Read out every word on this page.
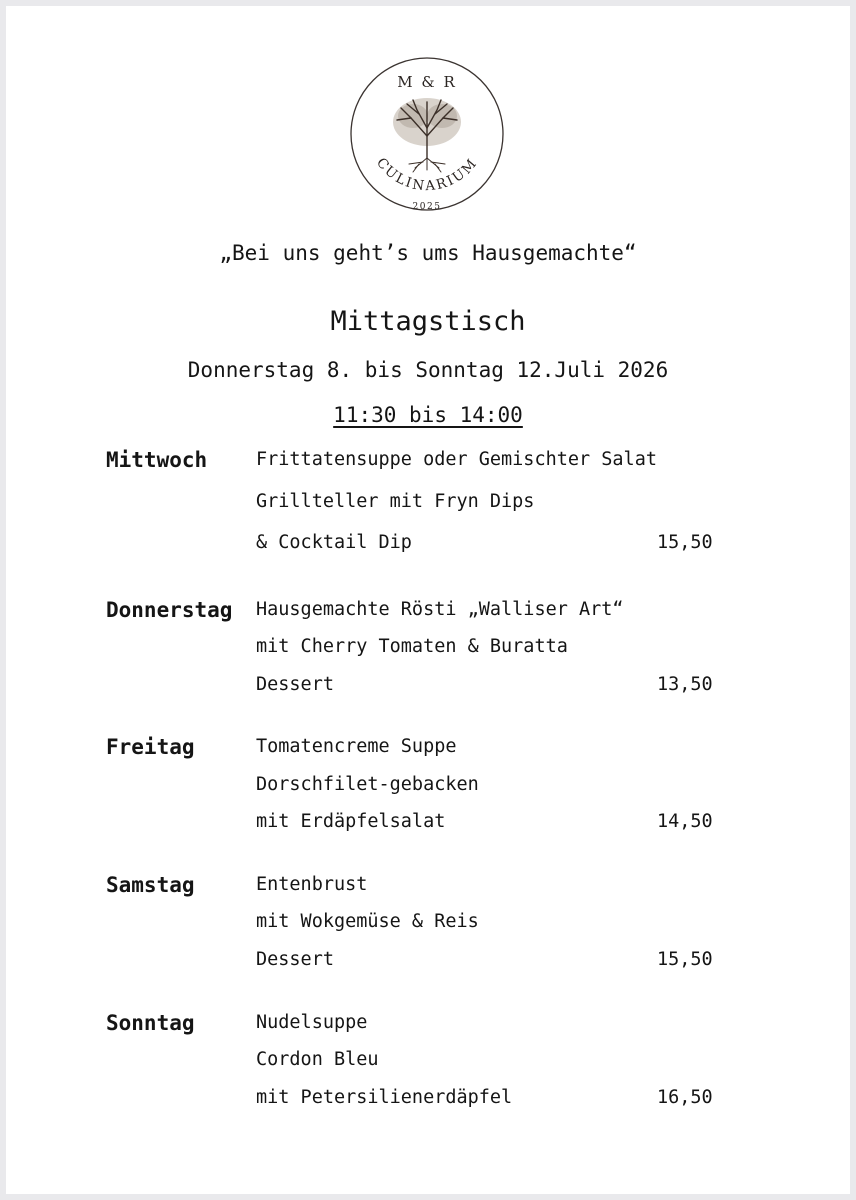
M & R
CULINARIUM
2025
„Bei uns geht’s ums Hausgemachte“
Mittagstisch
Donnerstag 8. bis Sonntag 12.Juli 2026
11:30 bis 14:00
Mittwoch	Frittatensuppe oder Gemischter Salat
Grillteller mit Fryn Dips
& Cocktail Dip	15,50
Donnerstag Hausgemachte Rösti „Walliser Art“
mit Cherry Tomaten & Buratta
Dessert	13,50
Freitag	Tomatencreme Suppe
Dorschfilet-gebacken
mit Erdäpfelsalat	14,50
Samstag	Entenbrust
mit Wokgemüse & Reis
Dessert	15,50
Sonntag	Nudelsuppe
Cordon Bleu
mit Petersilienerdäpfel	16,50
